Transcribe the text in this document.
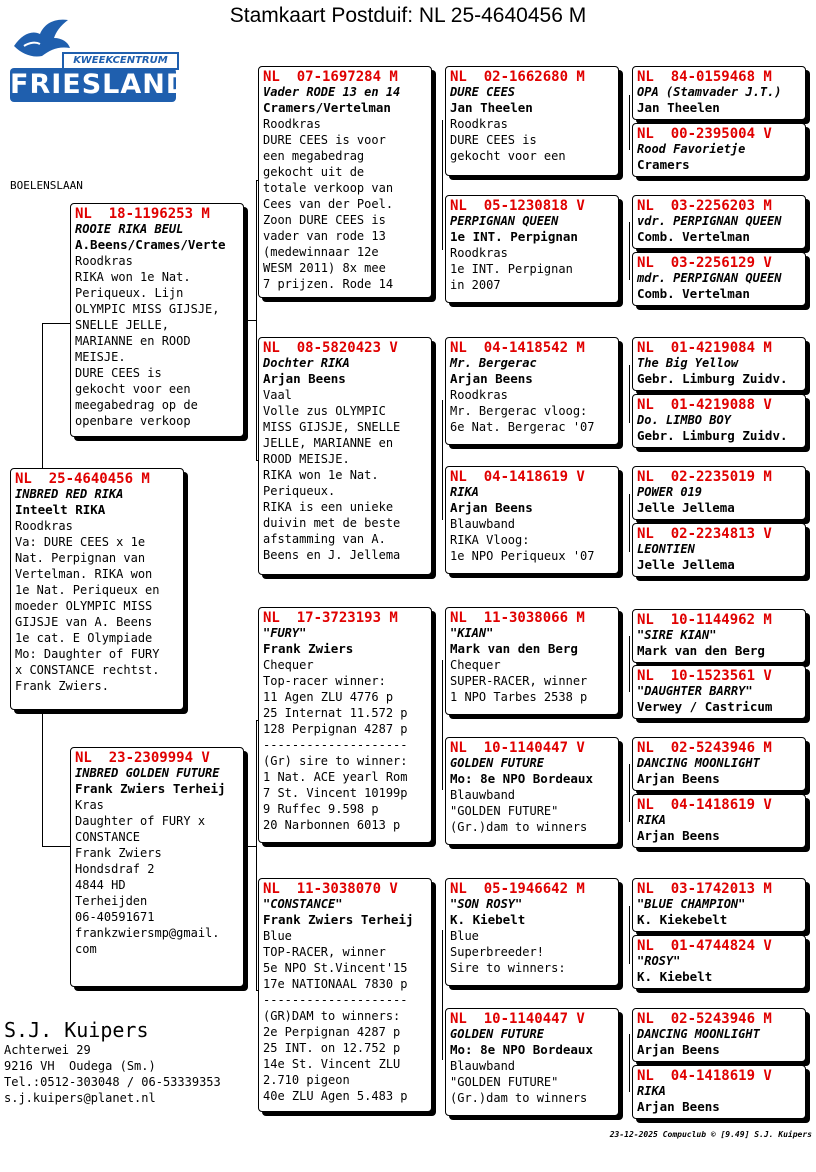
Stamkaart Postduif: NL 25-4640456 M
KWEEKCENTRUM
FRIESLAND
BOELENSLAAN
NL  25-4640456 M
INBRED RED RIKA
Inteelt RIKA
Roodkras
Va: DURE CEES x 1e
Nat. Perpignan van
Vertelman. RIKA won
1e Nat. Periqueux en
moeder OLYMPIC MISS
GIJSJE van A. Beens
1e cat. E Olympiade
Mo: Daughter of FURY
x CONSTANCE rechtst.
Frank Zwiers.
NL  18-1196253 M
ROOIE RIKA BEUL
A.Beens/Crames/Verte
Roodkras
RIKA won 1e Nat.
Periqueux. Lijn
OLYMPIC MISS GIJSJE,
SNELLE JELLE,
MARIANNE en ROOD
MEISJE.
DURE CEES is
gekocht voor een
meegabedrag op de
openbare verkoop
NL  23-2309994 V
INBRED GOLDEN FUTURE
Frank Zwiers Terheij
Kras
Daughter of FURY x
CONSTANCE
Frank Zwiers
Hondsdraf 2
4844 HD
Terheijden
06-40591671
frankzwiersmp@gmail.
com
NL  07-1697284 M
Vader RODE 13 en 14
Cramers/Vertelman
Roodkras
DURE CEES is voor
een megabedrag
gekocht uit de
totale verkoop van
Cees van der Poel.
Zoon DURE CEES is
vader van rode 13
(medewinnaar 12e
WESM 2011) 8x mee
7 prijzen. Rode 14
NL  08-5820423 V
Dochter RIKA
Arjan Beens
Vaal
Volle zus OLYMPIC
MISS GIJSJE, SNELLE
JELLE, MARIANNE en
ROOD MEISJE.
RIKA won 1e Nat.
Periqueux.
RIKA is een unieke
duivin met de beste
afstamming van A.
Beens en J. Jellema
NL  17-3723193 M
"FURY"
Frank Zwiers
Chequer
Top-racer winner:
11 Agen ZLU 4776 p
25 Internat 11.572 p
128 Perpignan 4287 p
--------------------
(Gr) sire to winner:
1 Nat. ACE yearl Rom
7 St. Vincent 10199p
9 Ruffec 9.598 p
20 Narbonnen 6013 p
NL  11-3038070 V
"CONSTANCE"
Frank Zwiers Terheij
Blue
TOP-RACER, winner
5e NPO St.Vincent'15
17e NATIONAAL 7830 p
--------------------
(GR)DAM to winners:
2e Perpignan 4287 p
25 INT. on 12.752 p
14e St. Vincent ZLU
2.710 pigeon
40e ZLU Agen 5.483 p
NL  02-1662680 M
DURE CEES
Jan Theelen
Roodkras
DURE CEES is
gekocht voor een
NL  05-1230818 V
PERPIGNAN QUEEN
1e INT. Perpignan
Roodkras
1e INT. Perpignan
in 2007
NL  04-1418542 M
Mr. Bergerac
Arjan Beens
Roodkras
Mr. Bergerac vloog:
6e Nat. Bergerac '07
NL  04-1418619 V
RIKA
Arjan Beens
Blauwband
RIKA Vloog:
1e NPO Periqueux '07
NL  11-3038066 M
"KIAN"
Mark van den Berg
Chequer
SUPER-RACER, winner
1 NPO Tarbes 2538 p
NL  10-1140447 V
GOLDEN FUTURE
Mo: 8e NPO Bordeaux
Blauwband
"GOLDEN FUTURE"
(Gr.)dam to winners
NL  05-1946642 M
"SON ROSY"
K. Kiebelt
Blue
Superbreeder!
Sire to winners:
NL  10-1140447 V
GOLDEN FUTURE
Mo: 8e NPO Bordeaux
Blauwband
"GOLDEN FUTURE"
(Gr.)dam to winners
NL  84-0159468 M
OPA (Stamvader J.T.)
Jan Theelen
NL  00-2395004 V
Rood Favorietje
Cramers
NL  03-2256203 M
vdr. PERPIGNAN QUEEN
Comb. Vertelman
NL  03-2256129 V
mdr. PERPIGNAN QUEEN
Comb. Vertelman
NL  01-4219084 M
The Big Yellow
Gebr. Limburg Zuidv.
NL  01-4219088 V
Do. LIMBO BOY
Gebr. Limburg Zuidv.
NL  02-2235019 M
POWER 019
Jelle Jellema
NL  02-2234813 V
LEONTIEN
Jelle Jellema
NL  10-1144962 M
"SIRE KIAN"
Mark van den Berg
NL  10-1523561 V
"DAUGHTER BARRY"
Verwey / Castricum
NL  02-5243946 M
DANCING MOONLIGHT
Arjan Beens
NL  04-1418619 V
RIKA
Arjan Beens
NL  03-1742013 M
"BLUE CHAMPION"
K. Kiekebelt
NL  01-4744824 V
"ROSY"
K. Kiebelt
NL  02-5243946 M
DANCING MOONLIGHT
Arjan Beens
NL  04-1418619 V
RIKA
Arjan Beens
S.J. Kuipers
Achterwei 29
9216 VH  Oudega (Sm.)
Tel.:0512-303048 / 06-53339353
s.j.kuipers@planet.nl
23-12-2025 Compuclub © [9.49] S.J. Kuipers
